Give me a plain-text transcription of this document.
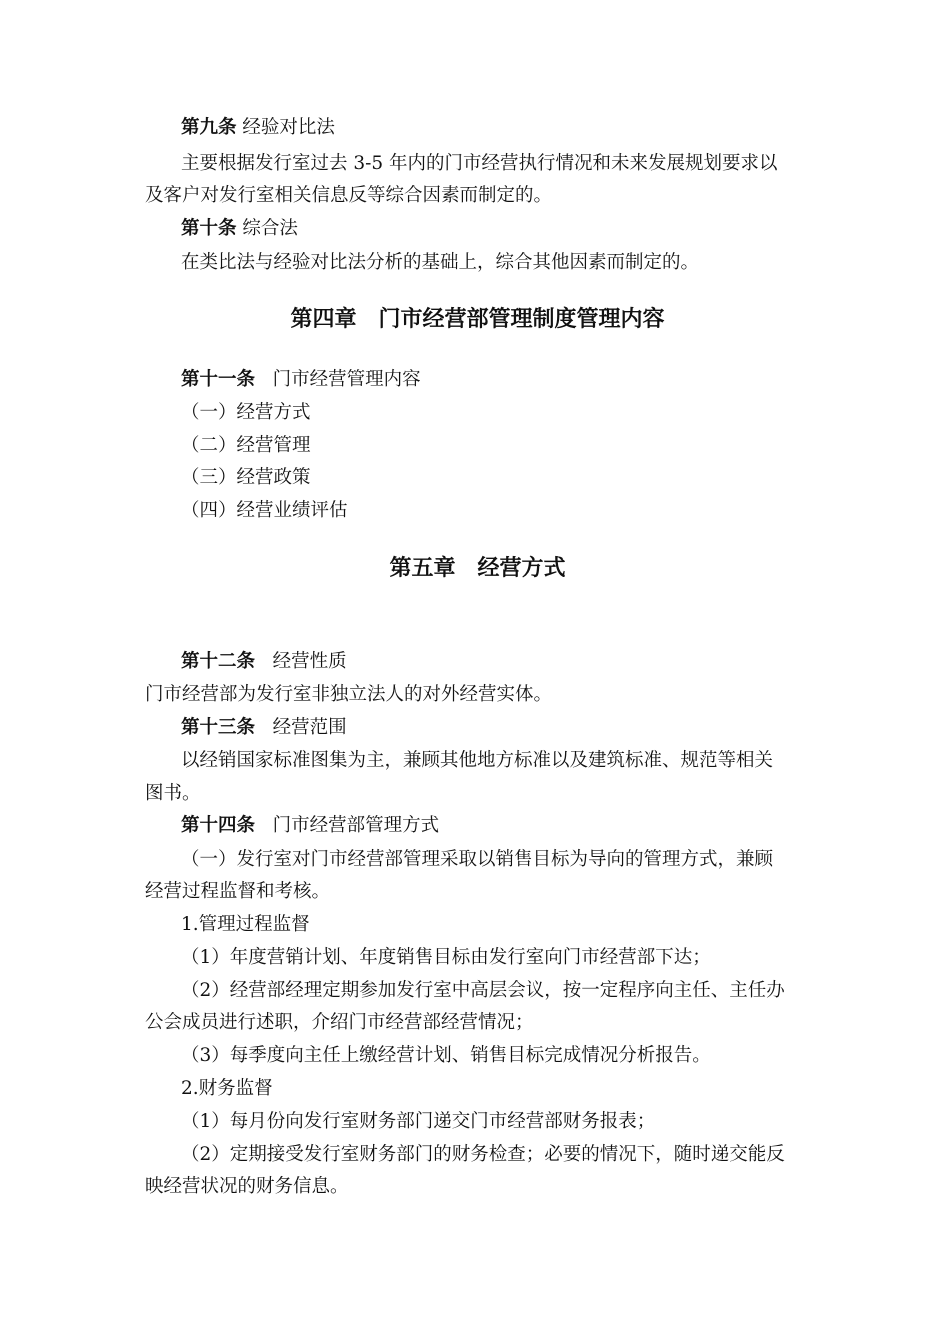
第九条 经验对比法
主要根据发行室过去 3-5 年内的门市经营执行情况和未来发展规划要求以
及客户对发行室相关信息反等综合因素而制定的。
第十条 综合法
在类比法与经验对比法分析的基础上，综合其他因素而制定的。
第四章　门市经营部管理制度管理内容
第十一条 门市经营管理内容
（一）经营方式
（二）经营管理
（三）经营政策
（四）经营业绩评估
第五章　经营方式
第十二条 经营性质
门市经营部为发行室非独立法人的对外经营实体。
第十三条 经营范围
以经销国家标准图集为主，兼顾其他地方标准以及建筑标准、规范等相关
图书。
第十四条 门市经营部管理方式
（一）发行室对门市经营部管理采取以销售目标为导向的管理方式，兼顾
经营过程监督和考核。
1.管理过程监督
（1）年度营销计划、年度销售目标由发行室向门市经营部下达；
（2）经营部经理定期参加发行室中高层会议，按一定程序向主任、主任办
公会成员进行述职，介绍门市经营部经营情况；
（3）每季度向主任上缴经营计划、销售目标完成情况分析报告。
2.财务监督
（1）每月份向发行室财务部门递交门市经营部财务报表；
（2）定期接受发行室财务部门的财务检查；必要的情况下，随时递交能反
映经营状况的财务信息。
